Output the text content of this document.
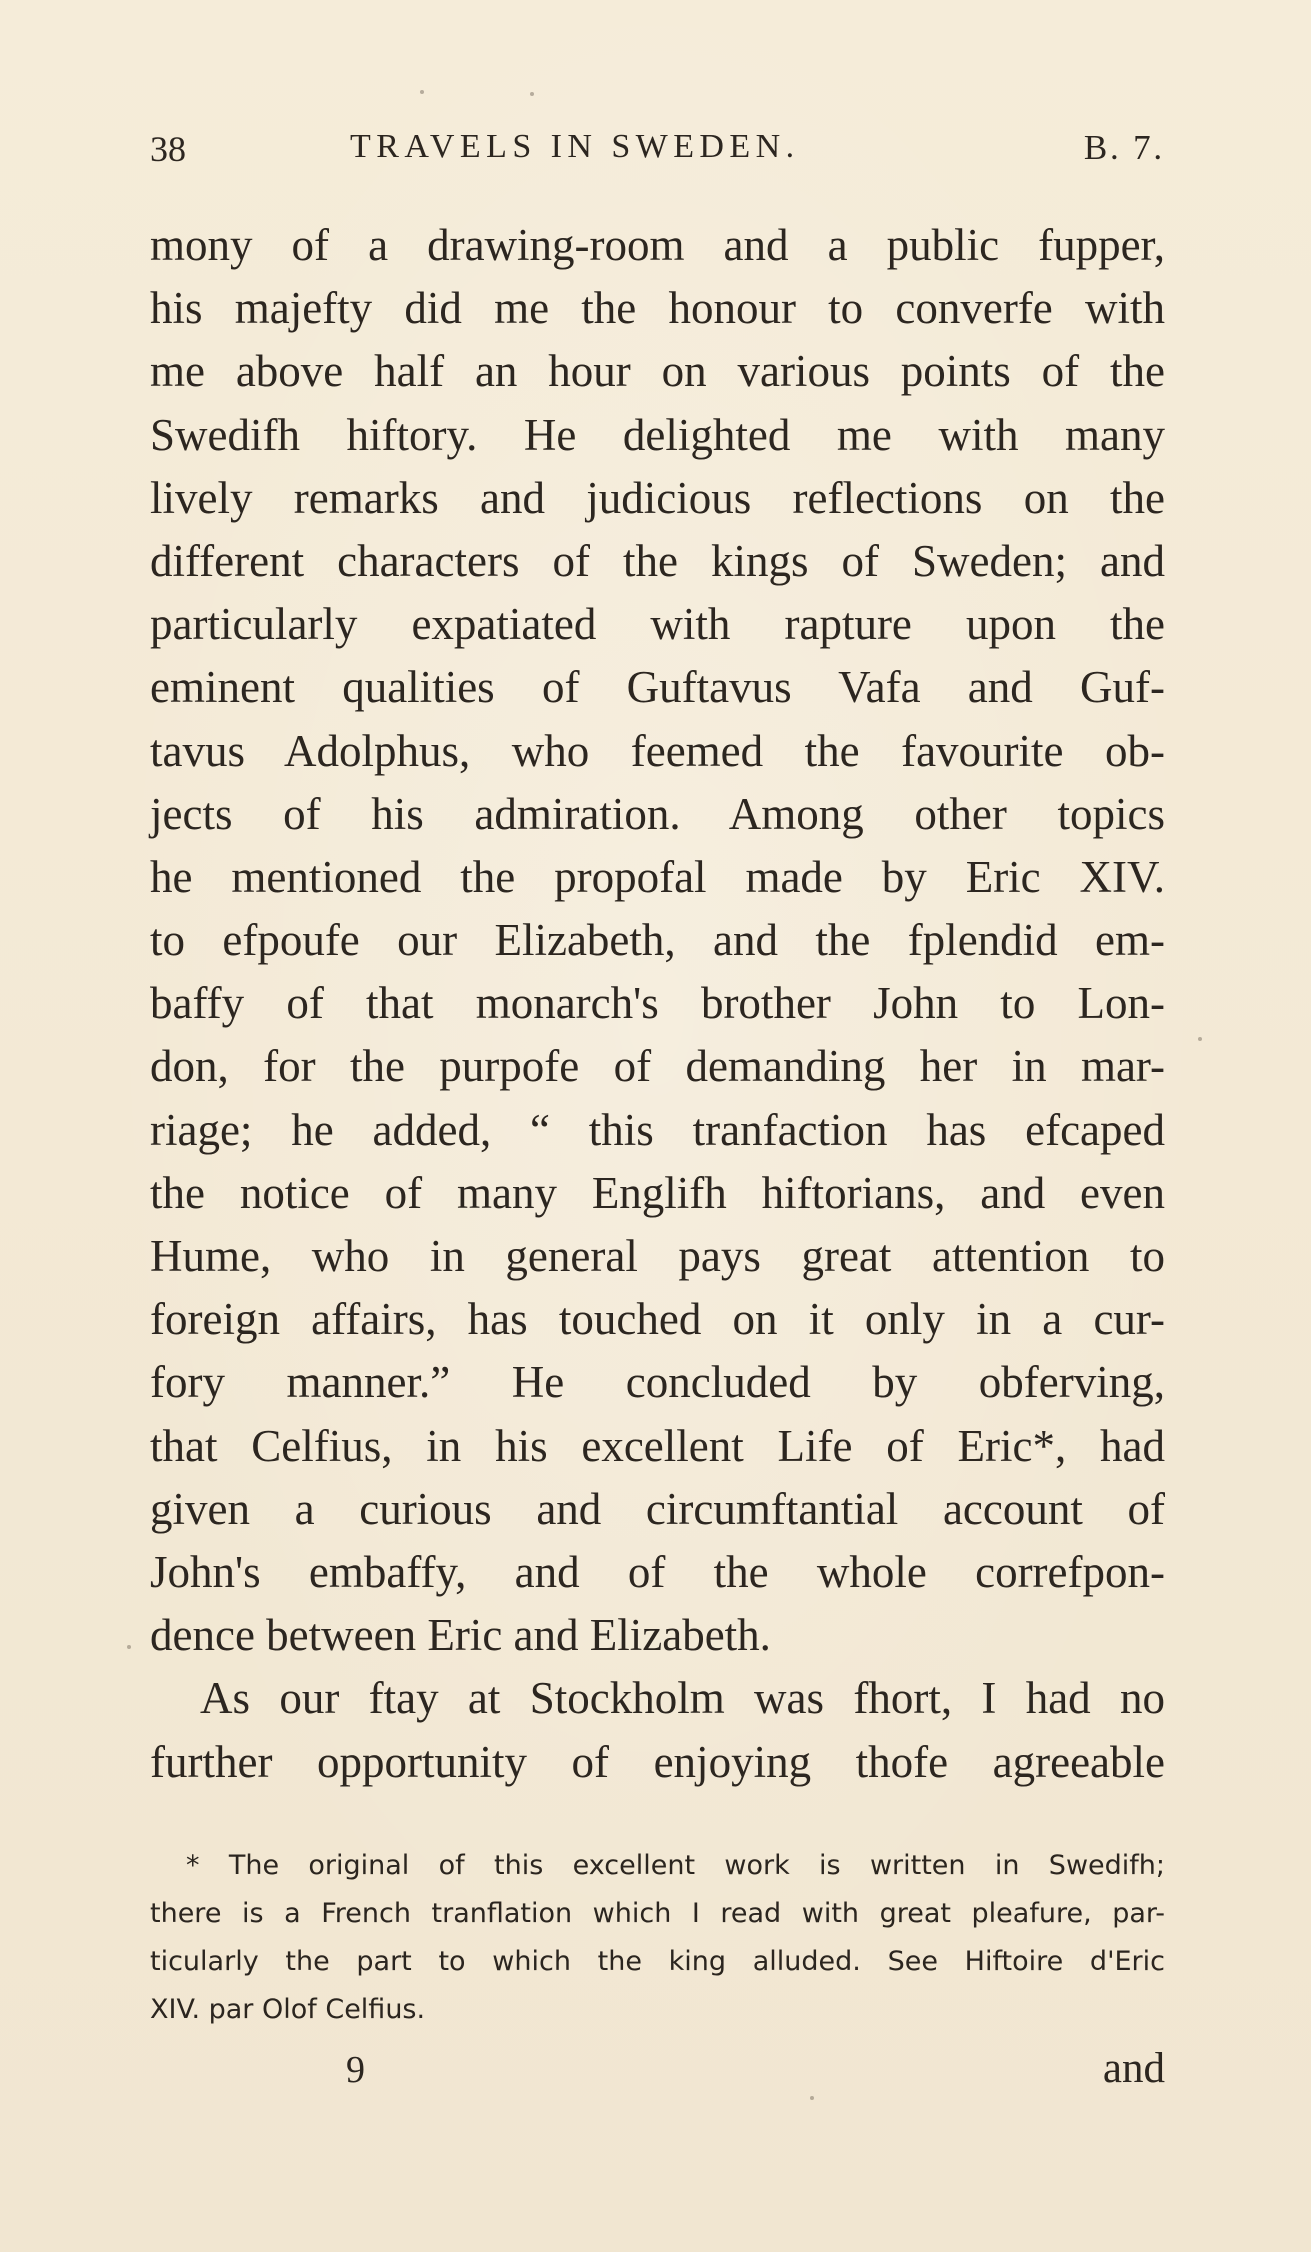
38	TRAVELS IN SWEDEN.	B. 7.
mony of a drawing-room and a public fupper,
his majefty did me the honour to converfe with
me above half an hour on various points of the
Swedifh hiftory. He delighted me with many
lively remarks and judicious reflections on the
different characters of the kings of Sweden; and
particularly expatiated with rapture upon the
eminent qualities of Guftavus Vafa and Guf-
tavus Adolphus, who feemed the favourite ob-
jects of his admiration. Among other topics
he mentioned the propofal made by Eric XIV.
to efpoufe our Elizabeth, and the fplendid em-
baffy of that monarch's brother John to Lon-
don, for the purpofe of demanding her in mar-
riage; he added, “ this tranfaction has efcaped
the notice of many Englifh hiftorians, and even
Hume, who in general pays great attention to
foreign affairs, has touched on it only in a cur-
fory manner.” He concluded by obferving,
that Celfius, in his excellent Life of Eric*, had
given a curious and circumftantial account of
John's embaffy, and of the whole correfpon-
dence between Eric and Elizabeth.
As our ftay at Stockholm was fhort, I had no
further opportunity of enjoying thofe agreeable
* The original of this excellent work is written in Swedifh;
there is a French tranflation which I read with great pleafure, par-
ticularly the part to which the king alluded. See Hiftoire d'Eric
XIV. par Olof Celfius.
9	and
